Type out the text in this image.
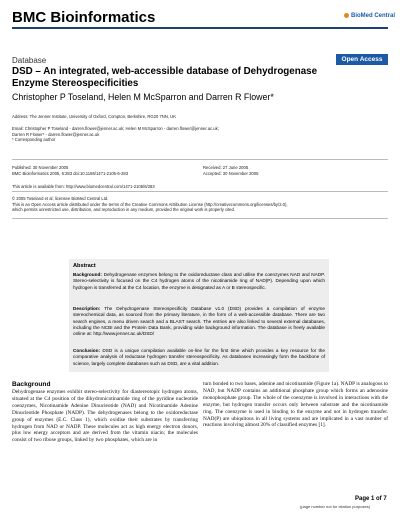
BMC Bioinformatics	BioMed Central
Database	Open Access
DSD – An integrated, web-accessible database of Dehydrogenase
Enzyme Stereospecificities
Christopher P Toseland, Helen M McSparron and Darren R Flower*
Address: The Jenner Institute, University of Oxford, Compton, Berkshire, RG20 7NN, UK
Email: Christopher P Toseland - darren.flower@jenner.ac.uk; Helen M McSparron - darren.flower@jenner.ac.uk;
Darren R Flower* - darren.flower@jenner.ac.uk
* Corresponding author
Published: 30 November 2005
BMC Bioinformatics 2005, 6:283 doi:10.1186/1471-2105-6-283
Received: 27 June 2005
Accepted: 30 November 2005
This article is available from: http://www.biomedcentral.com/1471-2105/6/283
© 2005 Toseland et al; licensee BioMed Central Ltd.
This is an Open Access article distributed under the terms of the Creative Commons Attribution License (http://creativecommons.org/licenses/by/2.0),
which permits unrestricted use, distribution, and reproduction in any medium, provided the original work is properly cited.
Abstract
Background: Dehydrogenase enzymes belong to the oxidoreductase class and utilise the coenzymes NAD and NADP. Stereo-selectivity is focused on the C4 hydrogen atoms of the nicotinamide ring of NAD(P). Depending upon which hydrogen is transferred at the C4 location, the enzyme is designated as A or B stereospecific.
Description: The Dehydrogenase Stereospecificity Database v1.0 (DSD) provides a compilation of enzyme stereochemical data, as sourced from the primary literature, in the form of a web-accessible database. There are two search engines, a menu driven search and a BLAST search. The entries are also linked to several external databases, including the NCBI and the Protein Data Bank, providing wide background information. The database is freely available online at: http://www.jenner.ac.uk/DSD/
Conclusion: DSD is a unique compilation available on-line for the first time which provides a key resource for the comparative analysis of reductase hydrogen transfer stereospecificity. As databases increasingly form the backbone of science, largely complete databases such as DSD, are a vital addition.
Background
Dehydrogenase enzymes exhibit stereo-selectivity for diastereotopic hydrogen atoms, situated at the C4 position of the dihydronicotinamide ring of the pyridine nucleotide coenzymes, Nicotinamide Adenine Dinucleotide (NAD) and Nicotinamide Adenine Dinucleotide Phosphate (NADP). The dehydrogenases belong to the oxidoreductase group of enzymes (E.C. Class 1), which oxidise their substrates by transferring hydrogen from NAD or NADP. These molecules act as high energy electron donors, plus low energy acceptors and are derived from the vitamin niacin; the molecules consist of two ribose groups, linked by two phosphates, which are in
turn bonded to two bases, adenine and nicotinamide (Figure 1a). NADP is analogous to NAD, but NADP contains an additional phosphate group which forms an adenosine monophosphate group. The whole of the coenzyme is involved in interactions with the enzyme, but hydrogen transfer occurs only between substrate and the nicotinamide ring. The coenzyme is used in binding to the enzyme and not in hydrogen transfer. NAD(P) are ubiquitous in all living systems and are implicated in a vast number of reactions involving almost 20% of classified enzymes [1].
Page 1 of 7
(page number not for citation purposes)
